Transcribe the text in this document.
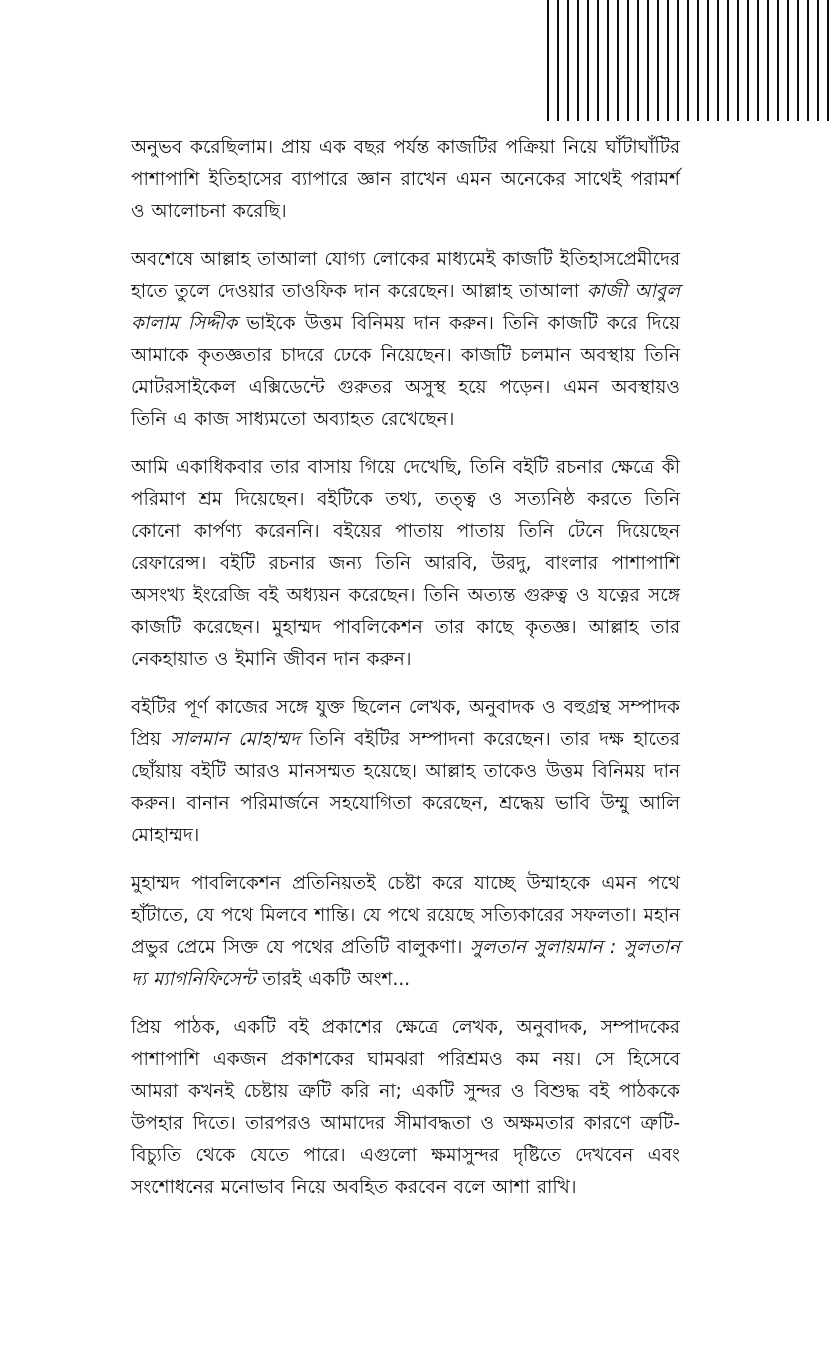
অনুভব করেছিলাম। প্রায় এক বছর পর্যন্ত কাজটির পক্রিয়া নিয়ে ঘাঁটাঘাঁটির পাশাপাশি ইতিহাসের ব্যাপারে জ্ঞান রাখেন এমন অনেকের সাথেই পরামর্শ ও আলোচনা করেছি।

অবশেষে আল্লাহ তাআলা যোগ্য লোকের মাধ্যমেই কাজটি ইতিহাসপ্রেমীদের হাতে তুলে দেওয়ার তাওফিক দান করেছেন। আল্লাহ তাআলা কাজী আবুল কালাম সিদ্দীক ভাইকে উত্তম বিনিময় দান করুন। তিনি কাজটি করে দিয়ে আমাকে কৃতজ্ঞতার চাদরে ঢেকে নিয়েছেন। কাজটি চলমান অবস্থায় তিনি মোটরসাইকেল এক্সিডেন্টে গুরুতর অসুস্থ হয়ে পড়েন। এমন অবস্থায়ও তিনি এ কাজ সাধ্যমতো অব্যাহত রেখেছেন।

আমি একাধিকবার তার বাসায় গিয়ে দেখেছি, তিনি বইটি রচনার ক্ষেত্রে কী পরিমাণ শ্রম দিয়েছেন। বইটিকে তথ্য, তত্ত্ব ও সত্যনিষ্ঠ করতে তিনি কোনো কার্পণ্য করেননি। বইয়ের পাতায় পাতায় তিনি টেনে দিয়েছেন রেফারেন্স। বইটি রচনার জন্য তিনি আরবি, উরদু, বাংলার পাশাপাশি অসংখ্য ইংরেজি বই অধ্যয়ন করেছেন। তিনি অত্যন্ত গুরুত্ব ও যত্নের সঙ্গে কাজটি করেছেন। মুহাম্মদ পাবলিকেশন তার কাছে কৃতজ্ঞ। আল্লাহ তার নেকহায়াত ও ইমানি জীবন দান করুন।

বইটির পূর্ণ কাজের সঙ্গে যুক্ত ছিলেন লেখক, অনুবাদক ও বহুগ্রন্থ সম্পাদক প্রিয় সালমান মোহাম্মদ তিনি বইটির সম্পাদনা করেছেন। তার দক্ষ হাতের ছোঁয়ায় বইটি আরও মানসম্মত হয়েছে। আল্লাহ তাকেও উত্তম বিনিময় দান করুন। বানান পরিমার্জনে সহযোগিতা করেছেন, শ্রদ্ধেয় ভাবি উম্মু আলি মোহাম্মদ।

মুহাম্মদ পাবলিকেশন প্রতিনিয়তই চেষ্টা করে যাচ্ছে উম্মাহকে এমন পথে হাঁটাতে, যে পথে মিলবে শান্তি। যে পথে রয়েছে সত্যিকারের সফলতা। মহান প্রভুর প্রেমে সিক্ত যে পথের প্রতিটি বালুকণা। সুলতান সুলায়মান : সুলতান দ্য ম্যাগনিফিসেন্ট তারই একটি অংশ...

প্রিয় পাঠক, একটি বই প্রকাশের ক্ষেত্রে লেখক, অনুবাদক, সম্পাদকের পাশাপাশি একজন প্রকাশকের ঘামঝরা পরিশ্রমও কম নয়। সে হিসেবে আমরা কখনই চেষ্টায় ত্রুটি করি না; একটি সুন্দর ও বিশুদ্ধ বই পাঠককে উপহার দিতে। তারপরও আমাদের সীমাবদ্ধতা ও অক্ষমতার কারণে ত্রুটি-বিচ্যুতি থেকে যেতে পারে। এগুলো ক্ষমাসুন্দর দৃষ্টিতে দেখবেন এবং সংশোধনের মনোভাব নিয়ে অবহিত করবেন বলে আশা রাখি।
